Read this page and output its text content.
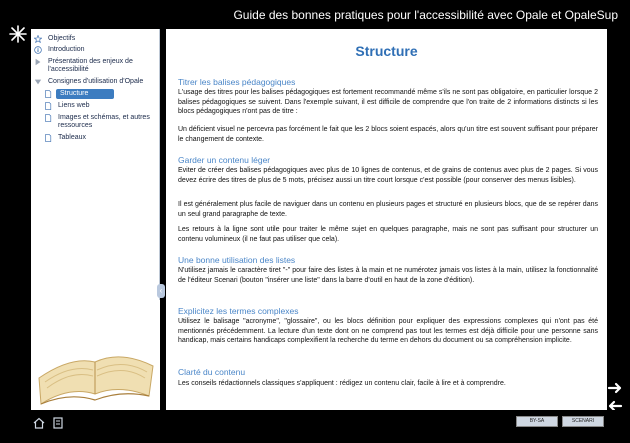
Guide des bonnes pratiques pour l'accessibilité avec Opale et OpaleSup
Objectifs
Introduction
Présentation des enjeux de l'accessibilité
Consignes d'utilisation d'Opale
Structure
Liens web
Images et schémas, et autres ressources
Tableaux
‹
Structure
Titrer les balises pédagogiques
L'usage des titres pour les balises pédagogiques est fortement recommandé même s'ils ne sont pas obligatoire, en particulier lorsque 2 balises pédagogiques se suivent. Dans l'exemple suivant, il est difficile de comprendre que l'on traite de 2 informations distincts si les blocs pédagogiques n'ont pas de titre :
Un déficient visuel ne percevra pas forcément le fait que les 2 blocs soient espacés, alors qu'un titre est souvent suffisant pour préparer le changement de contexte.
Garder un contenu léger
Eviter de créer des balises pédagogiques avec plus de 10 lignes de contenus, et de grains de contenus avec plus de 2 pages. Si vous devez écrire des titres de plus de 5 mots, précisez aussi un titre court lorsque c'est possible (pour conserver des menus lisibles).
Il est généralement plus facile de naviguer dans un contenu en plusieurs pages et structuré en plusieurs blocs, que de se repérer dans un seul grand paragraphe de texte.
Les retours à la ligne sont utile pour traiter le même sujet en quelques paragraphe, mais ne sont pas suffisant pour structurer un contenu volumineux (il ne faut pas utiliser que cela).
Une bonne utilisation des listes
N'utilisez jamais le caractère tiret "-" pour faire des listes à la main et ne numérotez jamais vos listes à la main, utilisez la fonctionnalité de l'éditeur Scenari (bouton "insérer une liste" dans la barre d'outil en haut de la zone d'édition).
Explicitez les termes complexes
Utilisez le balisage "acronyme", "glossaire", ou les blocs définition pour expliquer des expressions complexes qui n'ont pas été mentionnés précédemment. La lecture d'un texte dont on ne comprend pas tout les termes est déjà difficile pour une personne sans handicap, mais certains handicaps complexifient la recherche du terme en dehors du document ou sa compréhension implicite.
Clarté du contenu
Les conseils rédactionnels classiques s'appliquent : rédigez un contenu clair, facile à lire et à comprendre.
BY-SA	SCENARI
